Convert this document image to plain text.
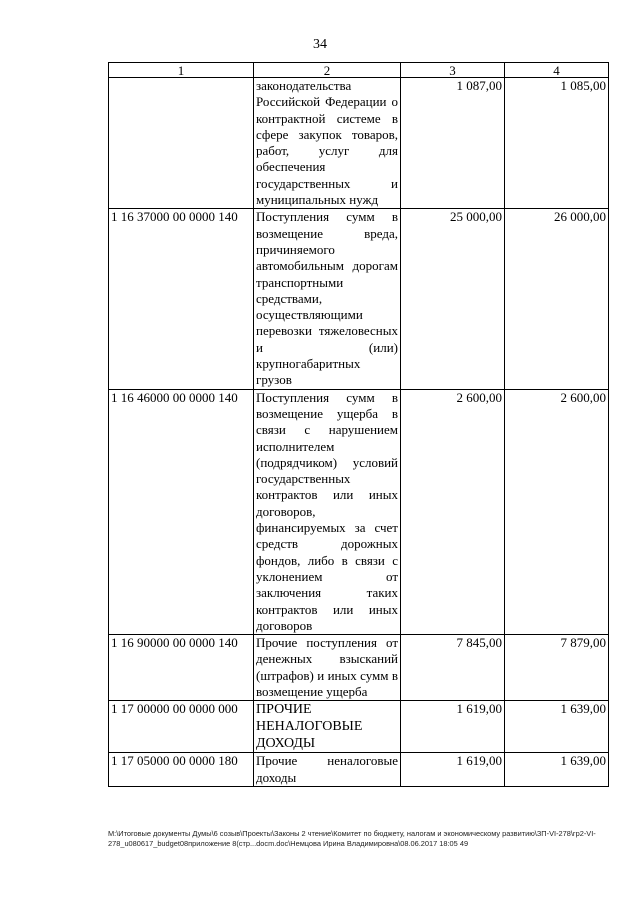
34
1	2	3	4
	законодательства Российской Федерации о контрактной системе в сфере закупок товаров, работ, услуг для обеспечения государственных и муниципальных нужд	1 087,00	1 085,00
1 16 37000 00 0000 140	Поступления сумм в возмещение вреда, причиняемого автомобильным дорогам транспортными средствами, осуществляющими перевозки тяжеловесных и (или) крупногабаритных грузов	25 000,00	26 000,00
1 16 46000 00 0000 140	Поступления сумм в возмещение ущерба в связи с нарушением исполнителем (подрядчиком) условий государственных контрактов или иных договоров, финансируемых за счет средств дорожных фондов, либо в связи с уклонением от заключения таких контрактов или иных договоров	2 600,00	2 600,00
1 16 90000 00 0000 140	Прочие поступления от денежных взысканий (штрафов) и иных сумм в возмещение ущерба	7 845,00	7 879,00
1 17 00000 00 0000 000	ПРОЧИЕ НЕНАЛОГОВЫЕ ДОХОДЫ	1 619,00	1 639,00
1 17 05000 00 0000 180	Прочие неналоговые доходы	1 619,00	1 639,00
М:\Итоговые документы Думы\6 созыв\Проекты\Законы 2 чтение\Комитет по бюджету, налогам и экономическому развитию\ЗП-VI-278\гр2-VI-278_u080617_budget08приложение 8(стр...docm.doc\Немцова Ирина Владимировна\08.06.2017 18:05 49
